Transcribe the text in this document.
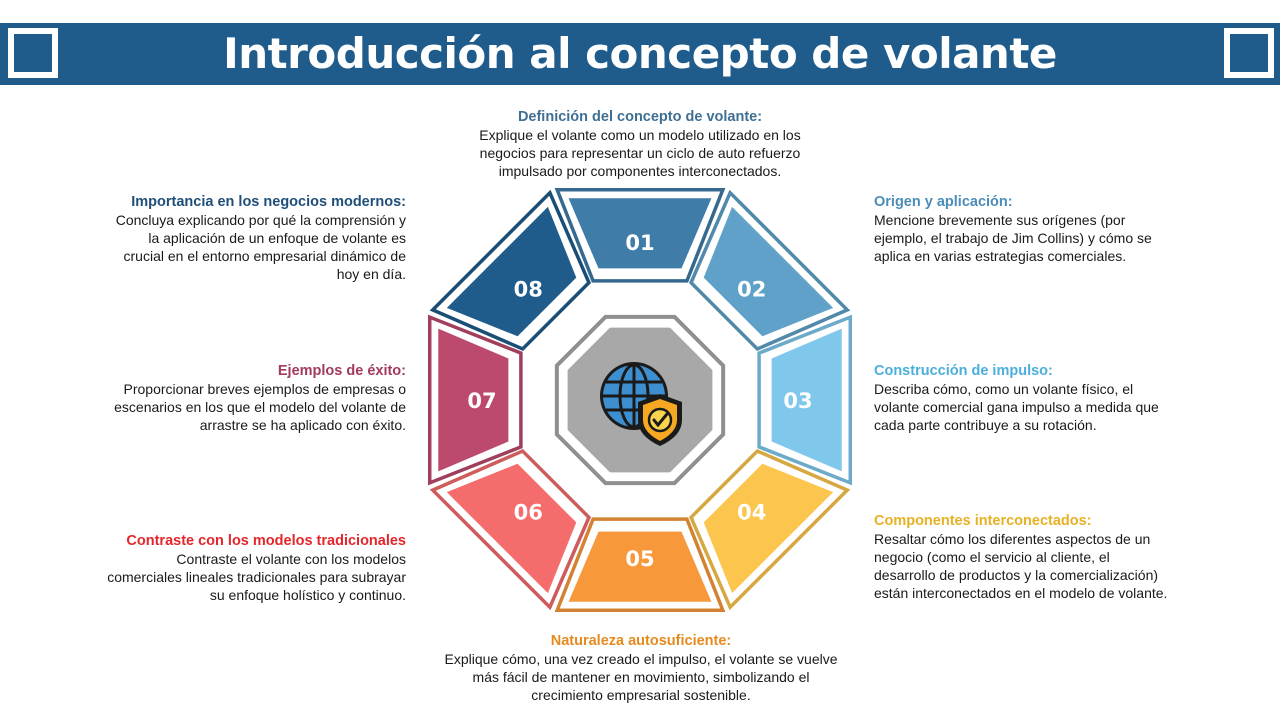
Introducción al concepto de volante
01
02
03
04
05
06
07
08
Definición del concepto de volante:
Explique el volante como un modelo utilizado en los
negocios para representar un ciclo de auto refuerzo
impulsado por componentes interconectados.
Origen y aplicación:
Mencione brevemente sus orígenes (por
ejemplo, el trabajo de Jim Collins) y cómo se
aplica en varias estrategias comerciales.
Construcción de impulso:
Describa cómo, como un volante físico, el
volante comercial gana impulso a medida que
cada parte contribuye a su rotación.
Componentes interconectados:
Resaltar cómo los diferentes aspectos de un
negocio (como el servicio al cliente, el
desarrollo de productos y la comercialización)
están interconectados en el modelo de volante.
Naturaleza autosuficiente:
Explique cómo, una vez creado el impulso, el volante se vuelve
más fácil de mantener en movimiento, simbolizando el
crecimiento empresarial sostenible.
Contraste con los modelos tradicionales
Contraste el volante con los modelos
comerciales lineales tradicionales para subrayar
su enfoque holístico y continuo.
Ejemplos de éxito:
Proporcionar breves ejemplos de empresas o
escenarios en los que el modelo del volante de
arrastre se ha aplicado con éxito.
Importancia en los negocios modernos:
Concluya explicando por qué la comprensión y
la aplicación de un enfoque de volante es
crucial en el entorno empresarial dinámico de
hoy en día.
